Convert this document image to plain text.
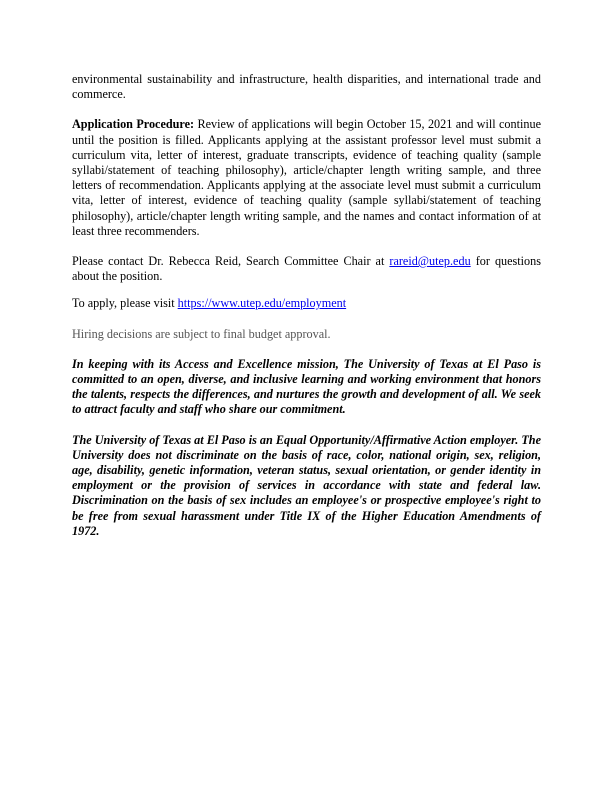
environmental sustainability and infrastructure, health disparities, and international trade and commerce.

Application Procedure: Review of applications will begin October 15, 2021 and will continue until the position is filled. Applicants applying at the assistant professor level must submit a curriculum vita, letter of interest, graduate transcripts, evidence of teaching quality (sample syllabi/statement of teaching philosophy), article/chapter length writing sample, and three letters of recommendation. Applicants applying at the associate level must submit a curriculum vita, letter of interest, evidence of teaching quality (sample syllabi/statement of teaching philosophy), article/chapter length writing sample, and the names and contact information of at least three recommenders.

Please contact Dr. Rebecca Reid, Search Committee Chair at rareid@utep.edu for questions about the position.

To apply, please visit https://www.utep.edu/employment

Hiring decisions are subject to final budget approval.

In keeping with its Access and Excellence mission, The University of Texas at El Paso is committed to an open, diverse, and inclusive learning and working environment that honors the talents, respects the differences, and nurtures the growth and development of all. We seek to attract faculty and staff who share our commitment.

The University of Texas at El Paso is an Equal Opportunity/Affirmative Action employer. The University does not discriminate on the basis of race, color, national origin, sex, religion, age, disability, genetic information, veteran status, sexual orientation, or gender identity in employment or the provision of services in accordance with state and federal law. Discrimination on the basis of sex includes an employee's or prospective employee's right to be free from sexual harassment under Title IX of the Higher Education Amendments of 1972.
